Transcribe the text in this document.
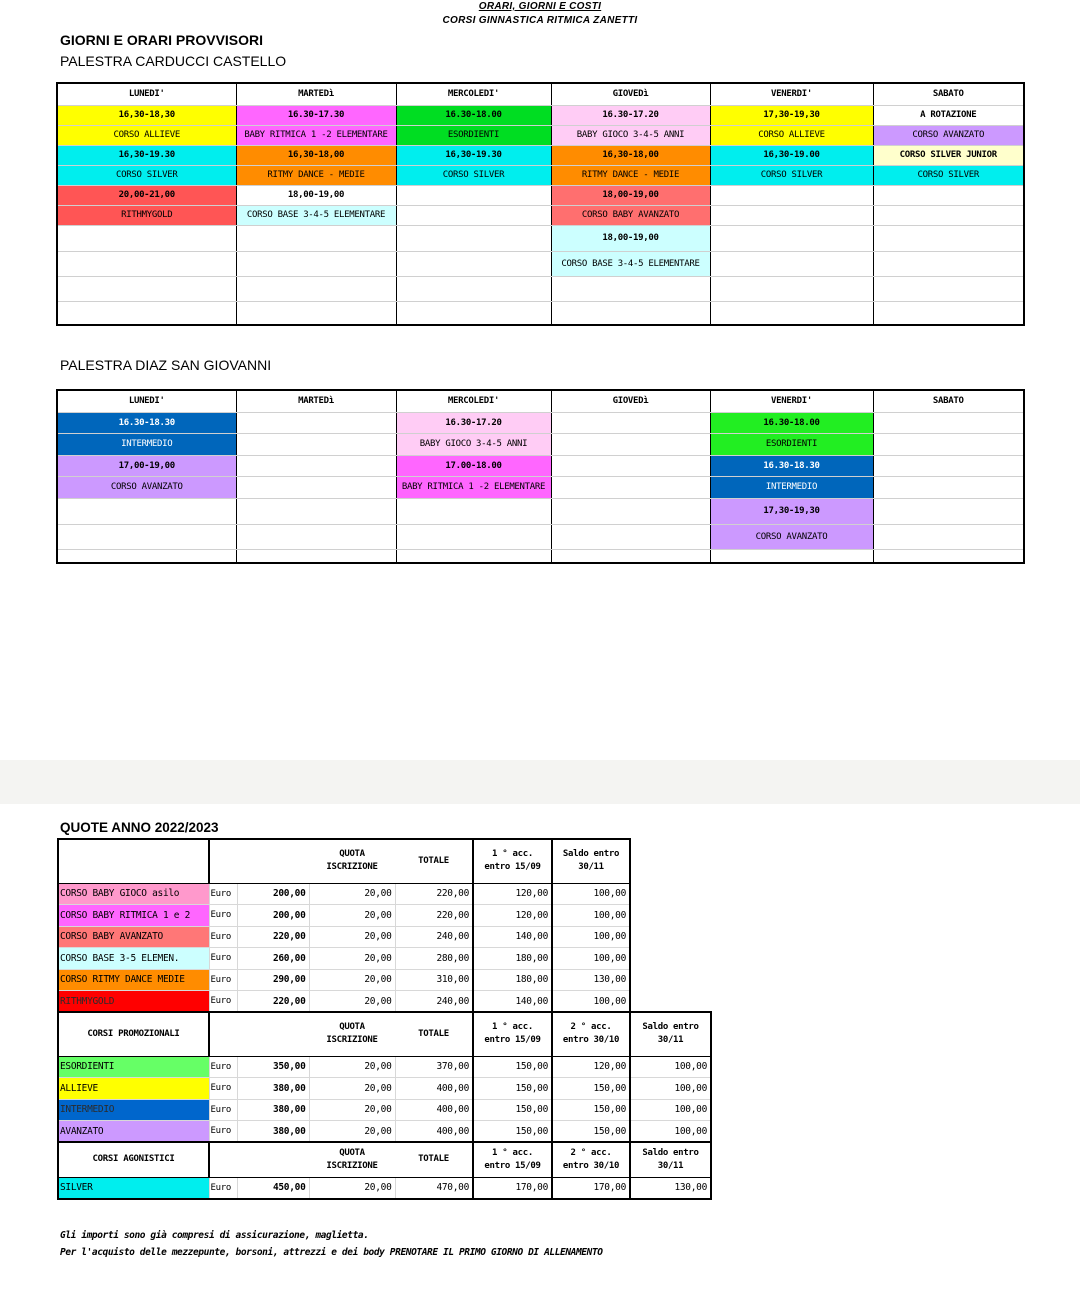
ORARI, GIORNI E COSTI
CORSI GINNASTICA RITMICA ZANETTI
GIORNI E ORARI PROVVISORI
PALESTRA CARDUCCI CASTELLO
LUNEDI'	MARTEDì	MERCOLEDI'	GIOVEDì	VENERDI'	SABATO
16,30-18,30	16.30-17.30	16.30-18.00	16.30-17.20	17,30-19,30	A ROTAZIONE
CORSO ALLIEVE	BABY RITMICA 1 -2 ELEMENTARE	ESORDIENTI	BABY GIOCO 3-4-5 ANNI	CORSO ALLIEVE	CORSO AVANZATO
16,30-19.30	16,30-18,00	16,30-19.30	16,30-18,00	16,30-19.00	CORSO SILVER JUNIOR
CORSO SILVER	RITMY DANCE - MEDIE	CORSO SILVER	RITMY DANCE - MEDIE	CORSO SILVER	CORSO SILVER
20,00-21,00	18,00-19,00		18,00-19,00		
RITHMYGOLD	CORSO BASE 3-4-5 ELEMENTARE		CORSO BABY AVANZATO		
			18,00-19,00		
			CORSO BASE 3-4-5 ELEMENTARE		

PALESTRA DIAZ SAN GIOVANNI
LUNEDI'	MARTEDì	MERCOLEDI'	GIOVEDì	VENERDI'	SABATO
16.30-18.30		16.30-17.20		16.30-18.00	
INTERMEDIO		BABY GIOCO 3-4-5 ANNI		ESORDIENTI	
17,00-19,00		17.00-18.00		16.30-18.30	
CORSO AVANZATO		BABY RITMICA 1 -2 ELEMENTARE		INTERMEDIO	
				17,30-19,30	
				CORSO AVANZATO	

QUOTE ANNO 2022/2023
			QUOTA ISCRIZIONE	TOTALE	1 ° acc. entro 15/09	Saldo entro 30/11	
CORSO BABY GIOCO asilo	Euro	200,00	20,00	220,00	120,00	100,00	
CORSO BABY RITMICA 1 e 2	Euro	200,00	20,00	220,00	120,00	100,00	
CORSO BABY AVANZATO	Euro	220,00	20,00	240,00	140,00	100,00	
CORSO BASE 3-5 ELEMEN.	Euro	260,00	20,00	280,00	180,00	100,00	
CORSO RITMY DANCE MEDIE	Euro	290,00	20,00	310,00	180,00	130,00	
RITHMYGOLD	Euro	220,00	20,00	240,00	140,00	100,00	
CORSI PROMOZIONALI			QUOTA ISCRIZIONE	TOTALE	1 ° acc. entro 15/09	2 ° acc. entro 30/10	Saldo entro 30/11
ESORDIENTI	Euro	350,00	20,00	370,00	150,00	120,00	100,00
ALLIEVE	Euro	380,00	20,00	400,00	150,00	150,00	100,00
INTERMEDIO	Euro	380,00	20,00	400,00	150,00	150,00	100,00
AVANZATO	Euro	380,00	20,00	400,00	150,00	150,00	100,00
CORSI AGONISTICI			QUOTA ISCRIZIONE	TOTALE	1 ° acc. entro 15/09	2 ° acc. entro 30/10	Saldo entro 30/11
SILVER	Euro	450,00	20,00	470,00	170,00	170,00	130,00
Gli importi sono già compresi di assicurazione, maglietta.
Per l'acquisto delle mezzepunte, borsoni, attrezzi e dei body PRENOTARE IL PRIMO GIORNO DI ALLENAMENTO
